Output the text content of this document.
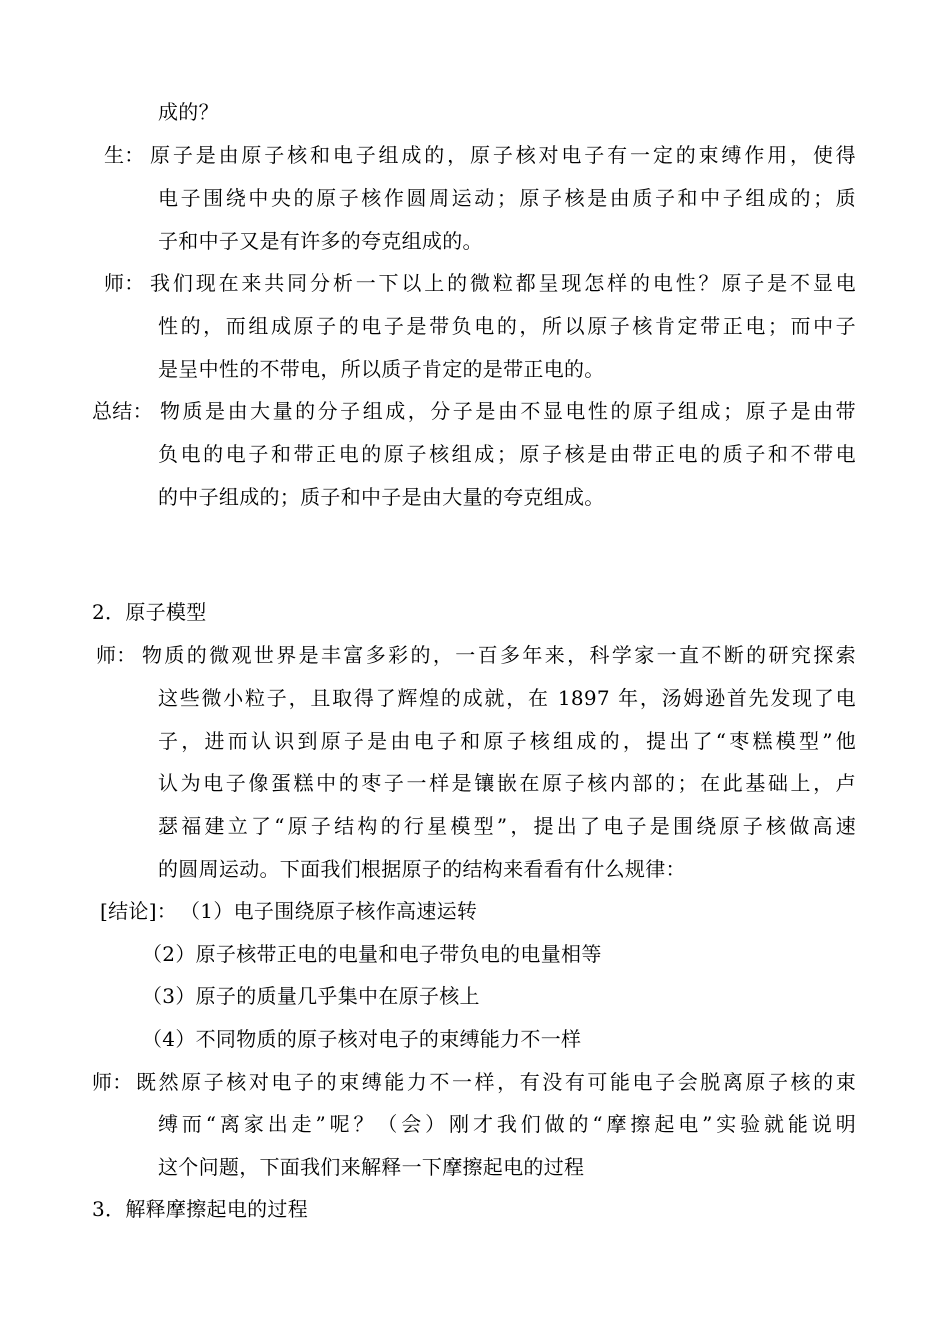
成的？
生： 原子是由原子核和电子组成的，原子核对电子有一定的束缚作用，使得
电子围绕中央的原子核作圆周运动；原子核是由质子和中子组成的；质
子和中子又是有许多的夸克组成的。
师： 我们现在来共同分析一下以上的微粒都呈现怎样的电性？原子是不显电
性的，而组成原子的电子是带负电的，所以原子核肯定带正电；而中子
是呈中性的不带电，所以质子肯定的是带正电的。
总结： 物质是由大量的分子组成，分子是由不显电性的原子组成；原子是由带
负电的电子和带正电的原子核组成；原子核是由带正电的质子和不带电
的中子组成的；质子和中子是由大量的夸克组成。
2．原子模型
师： 物质的微观世界是丰富多彩的，一百多年来，科学家一直不断的研究探索
这些微小粒子，且取得了辉煌的成就，在 1897 年，汤姆逊首先发现了电
子，进而认识到原子是由电子和原子核组成的，提出了“枣糕模型”他
认为电子像蛋糕中的枣子一样是镶嵌在原子核内部的；在此基础上，卢
瑟福建立了“原子结构的行星模型”，提出了电子是围绕原子核做高速
的圆周运动。下面我们根据原子的结构来看看有什么规律：
[结论]： （1）电子围绕原子核作高速运转
（2）原子核带正电的电量和电子带负电的电量相等
（3）原子的质量几乎集中在原子核上
（4）不同物质的原子核对电子的束缚能力不一样
师： 既然原子核对电子的束缚能力不一样，有没有可能电子会脱离原子核的束
缚而“离家出走”呢？（会）刚才我们做的“摩擦起电”实验就能说明
这个问题，下面我们来解释一下摩擦起电的过程
3．解释摩擦起电的过程
